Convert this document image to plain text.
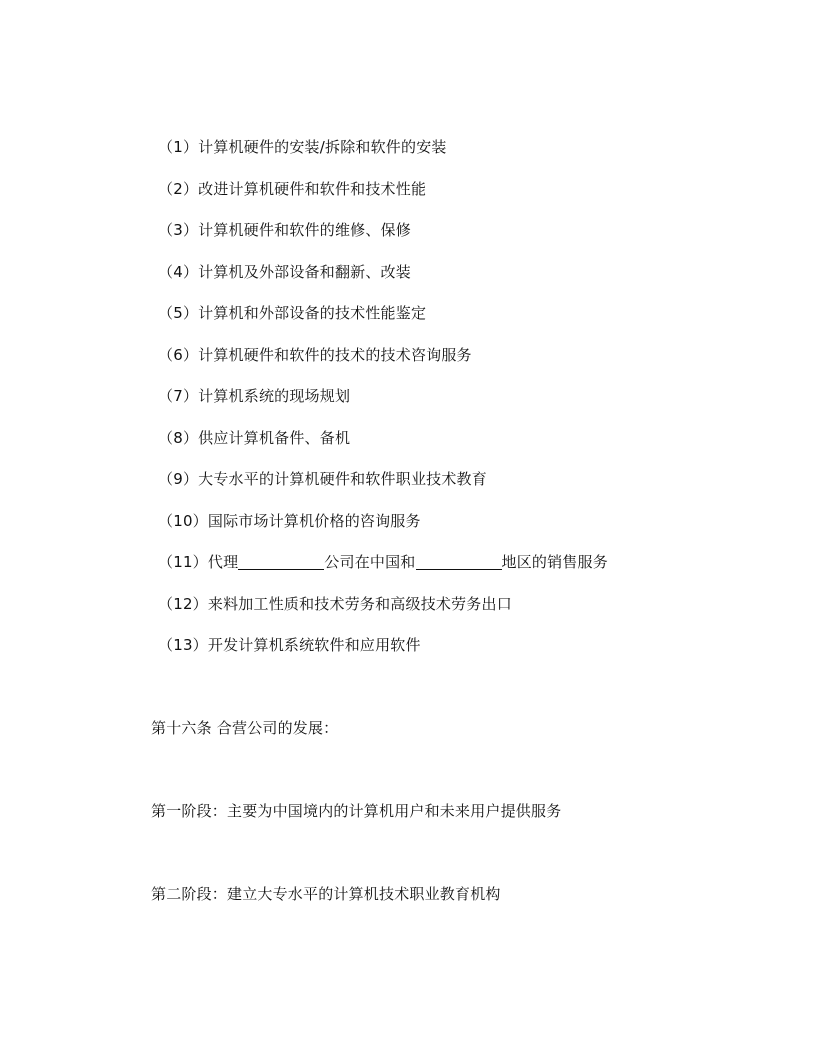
（1）计算机硬件的安装/拆除和软件的安装
（2）改进计算机硬件和软件和技术性能
（3）计算机硬件和软件的维修、保修
（4）计算机及外部设备和翻新、改装
（5）计算机和外部设备的技术性能鉴定
（6）计算机硬件和软件的技术的技术咨询服务
（7）计算机系统的现场规划
（8）供应计算机备件、备机
（9）大专水平的计算机硬件和软件职业技术教育
（10）国际市场计算机价格的咨询服务
（11）代理	公司在中国和	地区的销售服务
（12）来料加工性质和技术劳务和高级技术劳务出口
（13）开发计算机系统软件和应用软件
第十六条 合营公司的发展：
第一阶段：主要为中国境内的计算机用户和未来用户提供服务
第二阶段：建立大专水平的计算机技术职业教育机构
